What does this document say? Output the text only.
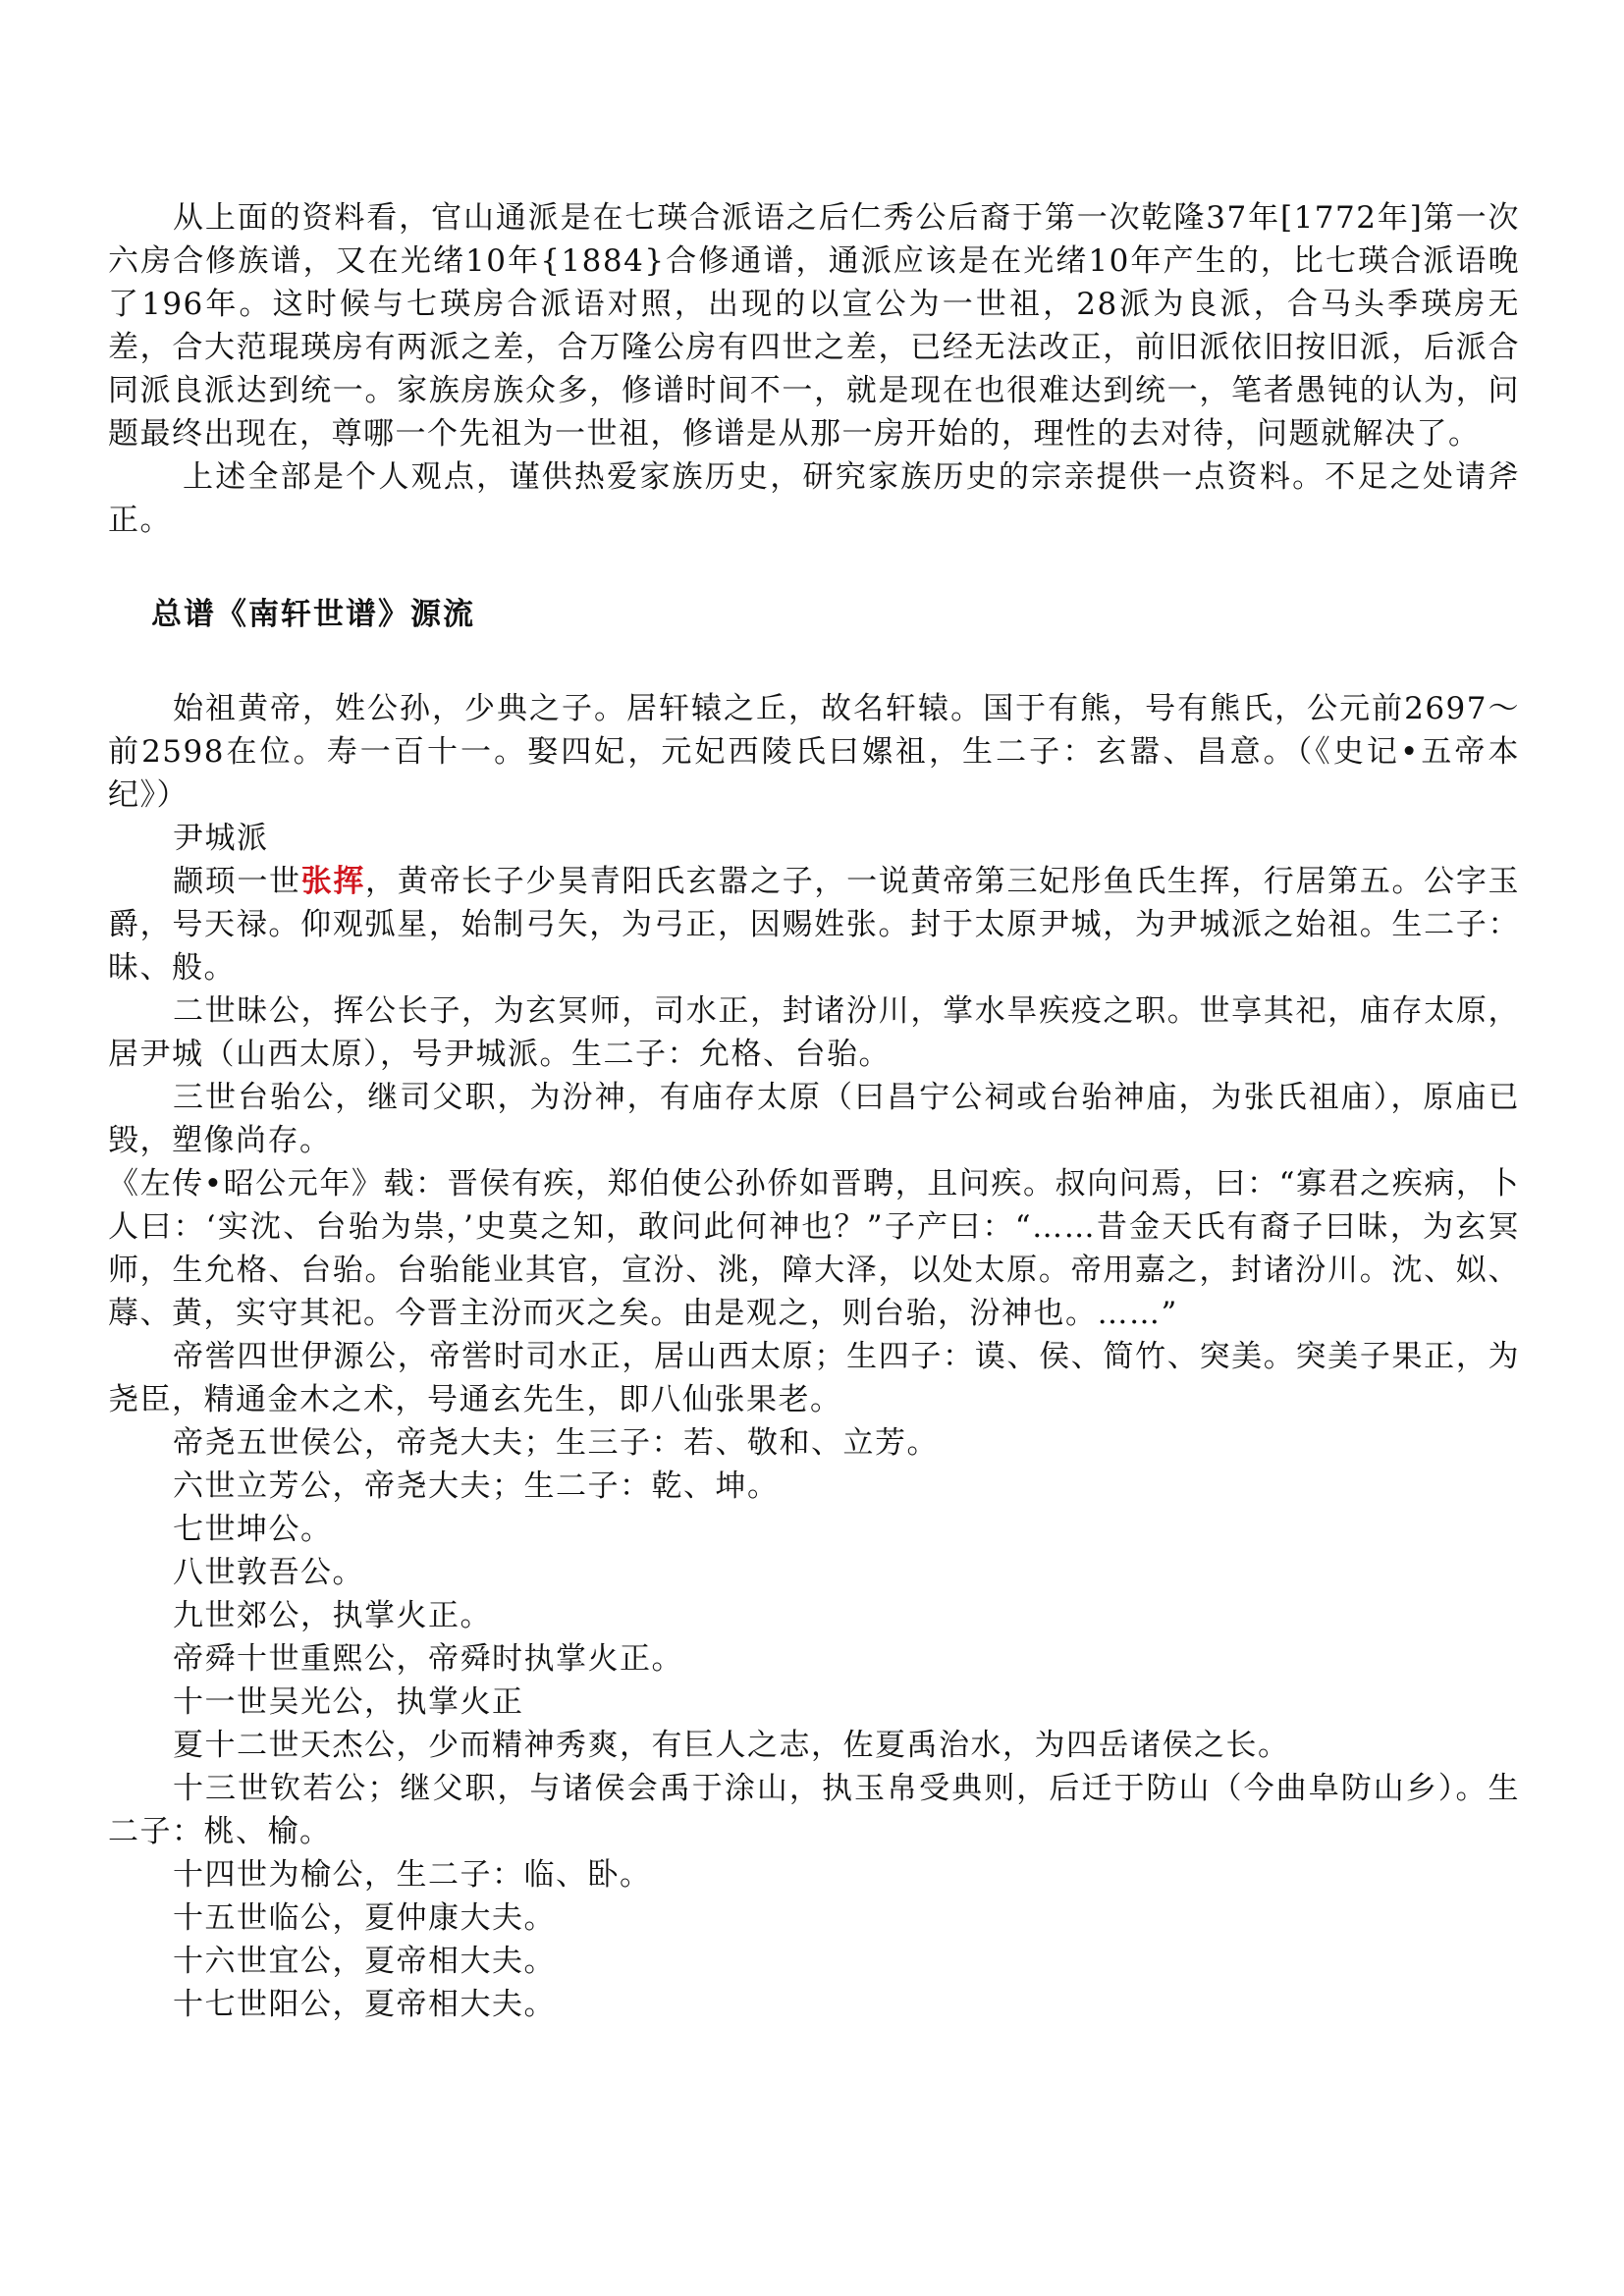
从上面的资料看，官山通派是在七瑛合派语之后仁秀公后裔于第一次乾隆37年[1772年]第一次六房合修族谱，又在光绪10年{1884}合修通谱，通派应该是在光绪10年产生的，比七瑛合派语晚了196年。这时候与七瑛房合派语对照，出现的以宣公为一世祖，28派为良派，合马头季瑛房无差，合大范琨瑛房有两派之差，合万隆公房有四世之差，已经无法改正，前旧派依旧按旧派，后派合同派良派达到统一。家族房族众多，修谱时间不一，就是现在也很难达到统一，笔者愚钝的认为，问题最终出现在，尊哪一个先祖为一世祖，修谱是从那一房开始的，理性的去对待，问题就解决了。

上述全部是个人观点，谨供热爱家族历史，研究家族历史的宗亲提供一点资料。不足之处请斧正。

总谱《南轩世谱》源流

始祖黄帝，姓公孙，少典之子。居轩辕之丘，故名轩辕。国于有熊，号有熊氏，公元前2697～前2598在位。寿一百十一。娶四妃，元妃西陵氏曰嫘祖，生二子：玄嚣、昌意。（《史记•五帝本纪》）

尹城派

颛顼一世张挥，黄帝长子少昊青阳氏玄嚣之子，一说黄帝第三妃彤鱼氏生挥，行居第五。公字玉爵，号天禄。仰观弧星，始制弓矢，为弓正，因赐姓张。封于太原尹城，为尹城派之始祖。生二子：昧、般。

二世昧公，挥公长子，为玄冥师，司水正，封诸汾川，掌水旱疾疫之职。世享其祀，庙存太原，居尹城（山西太原），号尹城派。生二子：允格、台骀。

三世台骀公，继司父职，为汾神，有庙存太原（曰昌宁公祠或台骀神庙，为张氏祖庙），原庙已毁，塑像尚存。

《左传•昭公元年》载：晋侯有疾，郑伯使公孙侨如晋聘，且问疾。叔向问焉，曰：“寡君之疾病，卜人曰：‘实沈、台骀为祟，’史莫之知，敢问此何神也？”子产曰：“……昔金天氏有裔子曰昧，为玄冥师，生允格、台骀。台骀能业其官，宣汾、洮，障大泽，以处太原。帝用嘉之，封诸汾川。沈、姒、蓐、黄，实守其祀。今晋主汾而灭之矣。由是观之，则台骀，汾神也。……”

帝喾四世伊源公，帝喾时司水正，居山西太原；生四子：谟、侯、简竹、突美。突美子果正，为尧臣，精通金木之术，号通玄先生，即八仙张果老。

帝尧五世侯公，帝尧大夫；生三子：若、敬和、立芳。

六世立芳公，帝尧大夫；生二子：乾、坤。

七世坤公。

八世敦吾公。

九世郊公，执掌火正。

帝舜十世重熙公，帝舜时执掌火正。

十一世吴光公，执掌火正

夏十二世天杰公，少而精神秀爽，有巨人之志，佐夏禹治水，为四岳诸侯之长。

十三世钦若公；继父职，与诸侯会禹于涂山，执玉帛受典则，后迁于防山（今曲阜防山乡）。生二子：桃、榆。

十四世为榆公，生二子：临、卧。

十五世临公，夏仲康大夫。

十六世宜公，夏帝相大夫。

十七世阳公，夏帝相大夫。
